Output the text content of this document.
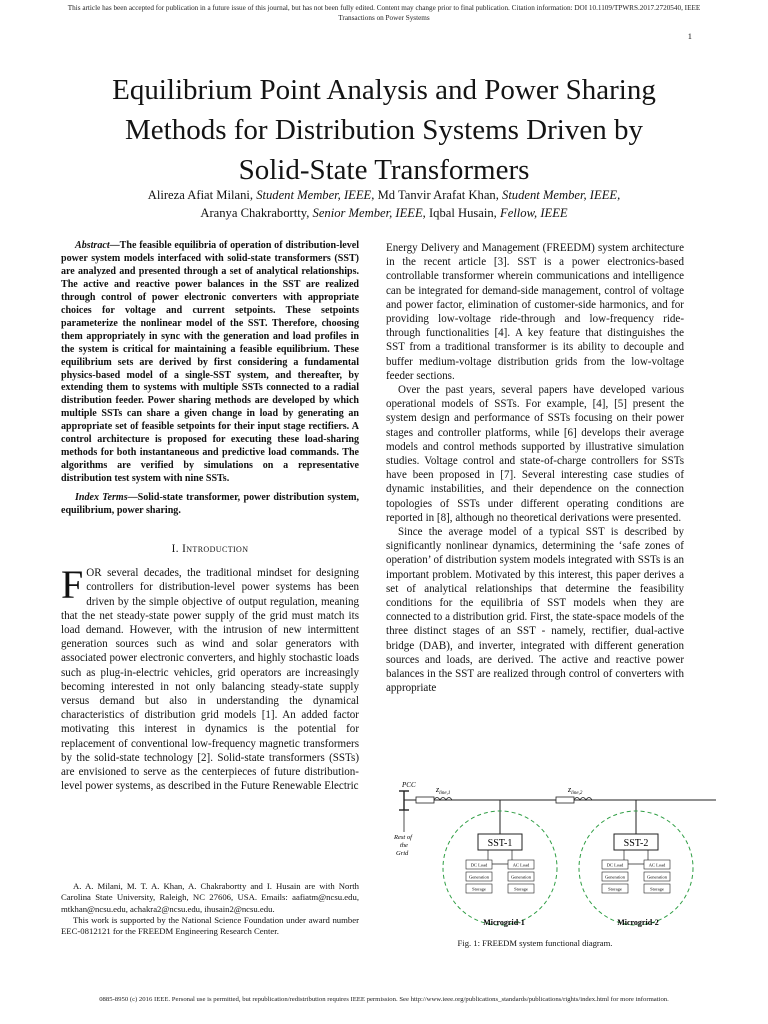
This article has been accepted for publication in a future issue of this journal, but has not been fully edited. Content may change prior to final publication. Citation information: DOI 10.1109/TPWRS.2017.2720540, IEEE
Transactions on Power Systems
1
Equilibrium Point Analysis and Power Sharing
Methods for Distribution Systems Driven by
Solid-State Transformers
Alireza Afiat Milani, Student Member, IEEE, Md Tanvir Arafat Khan, Student Member, IEEE,
Aranya Chakrabortty, Senior Member, IEEE, Iqbal Husain, Fellow, IEEE
Abstract—The feasible equilibria of operation of distribution-level power system models interfaced with solid-state transformers (SST) are analyzed and presented through a set of analytical relationships. The active and reactive power balances in the SST are realized through control of power electronic converters with appropriate choices for voltage and current setpoints. These setpoints parameterize the nonlinear model of the SST. Therefore, choosing them appropriately in sync with the generation and load profiles in the system is critical for maintaining a feasible equilibrium. These equilibrium sets are derived by first considering a fundamental physics-based model of a single-SST system, and thereafter, by extending them to systems with multiple SSTs connected to a radial distribution feeder. Power sharing methods are developed by which multiple SSTs can share a given change in load by generating an appropriate set of feasible setpoints for their input stage rectifiers. A control architecture is proposed for executing these load-sharing methods for both instantaneous and predictive load commands. The algorithms are verified by simulations on a representative distribution test system with nine SSTs.
Index Terms—Solid-state transformer, power distribution system, equilibrium, power sharing.
I. Introduction

FOR several decades, the traditional mindset for designing controllers for distribution-level power systems has been driven by the simple objective of output regulation, meaning that the net steady-state power supply of the grid must match its load demand. However, with the intrusion of new intermittent generation sources such as wind and solar generators with associated power electronic converters, and highly stochastic loads such as plug-in-electric vehicles, grid operators are increasingly becoming interested in not only balancing steady-state supply versus demand but also in understanding the dynamical characteristics of distribution grid models [1]. An added factor motivating this interest in dynamics is the potential for replacement of conventional low-frequency magnetic transformers by the solid-state technology [2]. Solid-state transformers (SSTs) are envisioned to serve as the centerpieces of future distribution-level power systems, as described in the Future Renewable Electric

A. A. Milani, M. T. A. Khan, A. Chakrabortty and I. Husain are with North Carolina State University, Raleigh, NC 27606, USA. Emails: aafiatm@ncsu.edu, mtkhan@ncsu.edu, achakra2@ncsu.edu, ihusain2@ncsu.edu.

This work is supported by the National Science Foundation under award number EEC-0812121 for the FREEDM Engineering Research Center.

Energy Delivery and Management (FREEDM) system architecture in the recent article [3]. SST is a power electronics-based controllable transformer wherein communications and intelligence can be integrated for demand-side management, control of voltage and power factor, elimination of customer-side harmonics, and for providing low-voltage ride-through and low-frequency ride-through functionalities [4]. A key feature that distinguishes the SST from a traditional transformer is its ability to decouple and buffer medium-voltage distribution grids from the low-voltage feeder sections.

Over the past years, several papers have developed various operational models of SSTs. For example, [4], [5] present the system design and performance of SSTs focusing on their power stages and controller platforms, while [6] develops their average models and control methods supported by illustrative simulation studies. Voltage control and state-of-charge controllers for SSTs have been proposed in [7]. Several interesting case studies of dynamic instabilities, and their dependence on the connection topologies of SSTs under different operating conditions are reported in [8], although no theoretical derivations were presented.

Since the average model of a typical SST is described by significantly nonlinear dynamics, determining the ‘safe zones of operation’ of distribution system models integrated with SSTs is an important problem. Motivated by this interest, this paper derives a set of analytical relationships that determine the feasibility conditions for the equilibria of SST models when they are connected to a distribution grid. First, the state-space models of the three distinct stages of an SST - namely, rectifier, dual-active bridge (DAB), and inverter, integrated with different generation sources and loads, are derived. The active and reactive power balances in the SST are realized through control of converters with appropriate

PCC	$z_{line,1}$	$z_{line,2}$
Rest of
the
Grid
SST-1
DC Load	AC Load
Generation	Generation
Storage	Storage
Microgrid-1
SST-2
DC Load	AC Load
Generation	Generation
Storage	Storage
Microgrid-2
Fig. 1: FREEDM system functional diagram.
0885-8950 (c) 2016 IEEE. Personal use is permitted, but republication/redistribution requires IEEE permission. See http://www.ieee.org/publications_standards/publications/rights/index.html for more information.
